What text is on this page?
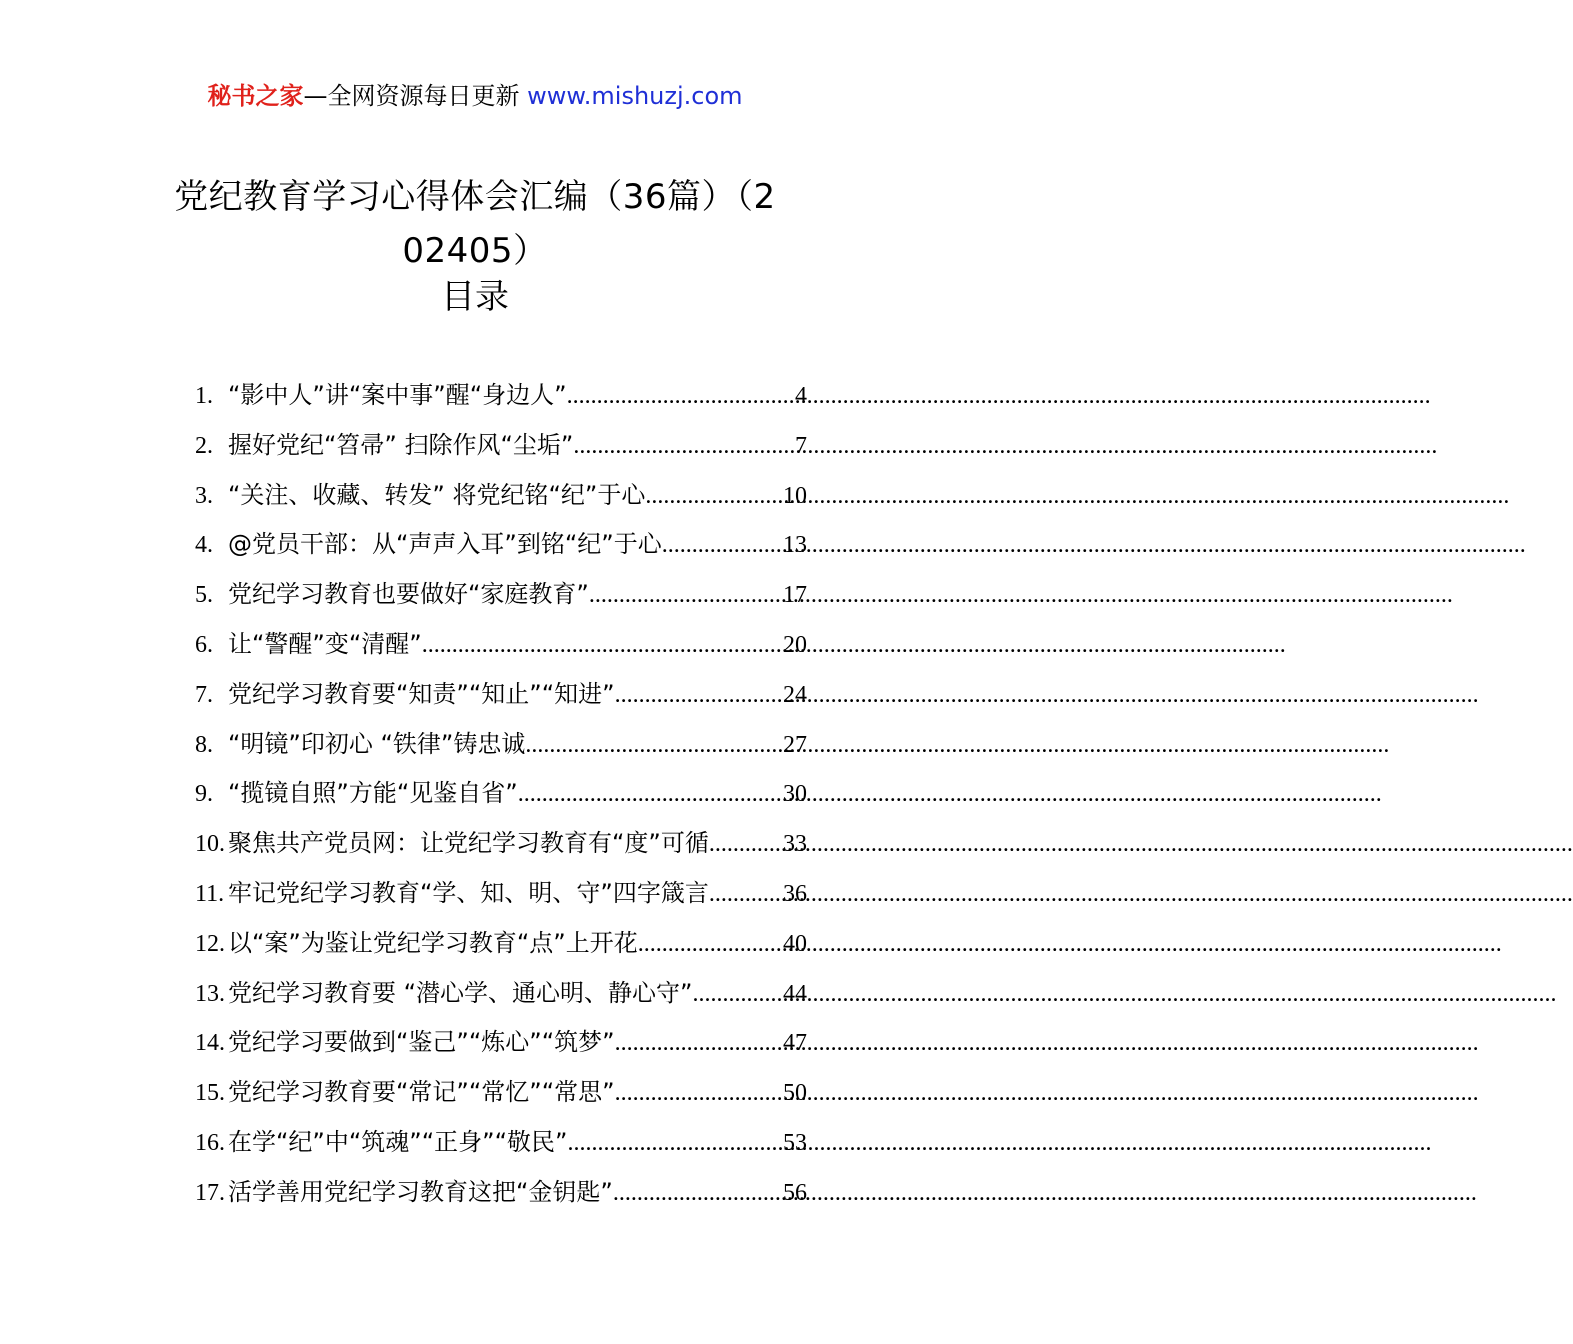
秘书之家—全网资源每日更新 www.mishuzj.com
党纪教育学习心得体会汇编（36篇）（2
02405）
目录
1. “影中人”讲“案中事”醒“身边人” .....	4
2. 握好党纪“笤帚” 扫除作风“尘垢” .....	7
3. “关注、收藏、转发” 将党纪铭“纪”于心 .....	10
4. @党员干部：从“声声入耳”到铭“纪”于心 .....	13
5. 党纪学习教育也要做好“家庭教育” .....	17
6. 让“警醒”变“清醒” .....	20
7. 党纪学习教育要“知责”“知止”“知进” .....	24
8. “明镜”印初心 “铁律”铸忠诚 .....	27
9. “揽镜自照”方能“见鉴自省” .....	30
10. 聚焦共产党员网：让党纪学习教育有“度”可循 .....	33
11. 牢记党纪学习教育“学、知、明、守”四字箴言 .....	36
12. 以“案”为鉴让党纪学习教育“点”上开花 .....	40
13. 党纪学习教育要 “潜心学、通心明、静心守” .....	44
14. 党纪学习要做到“鉴己”“炼心”“筑梦” .....	47
15. 党纪学习教育要“常记”“常忆”“常思” .....	50
16. 在学“纪”中“筑魂”“正身”“敬民” .....	53
17. 活学善用党纪学习教育这把“金钥匙” .....	56
